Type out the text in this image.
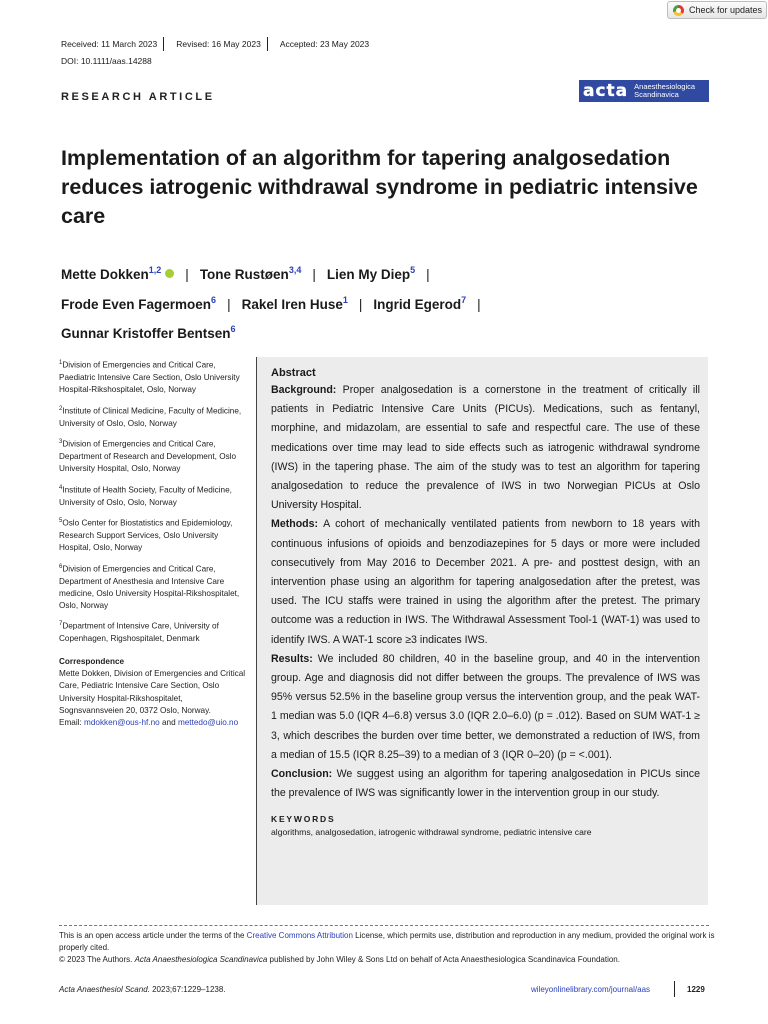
Check for updates
Received: 11 March 2023	Revised: 16 May 2023	Accepted: 23 May 2023
DOI: 10.1111/aas.14288
RESEARCH ARTICLE	acta Anaesthesiologica
Scandinavica
Implementation of an algorithm for tapering analgosedation reduces iatrogenic withdrawal syndrome in pediatric intensive care
Mette Dokken$^{1,2}$ | Tone Rustøen$^{3,4}$ | Lien My Diep$^5$ |
Frode Even Fagermoen$^6$ | Rakel Iren Huse$^1$ | Ingrid Egerod$^7$ |
Gunnar Kristoffer Bentsen$^6$

$^1$Division of Emergencies and Critical Care, Paediatric Intensive Care Section, Oslo University Hospital-Rikshospitalet, Oslo, Norway

$^2$Institute of Clinical Medicine, Faculty of Medicine, University of Oslo, Oslo, Norway

$^3$Division of Emergencies and Critical Care, Department of Research and Development, Oslo University Hospital, Oslo, Norway

$^4$Institute of Health Society, Faculty of Medicine, University of Oslo, Oslo, Norway

$^5$Oslo Center for Biostatistics and Epidemiology, Research Support Services, Oslo University Hospital, Oslo, Norway

$^6$Division of Emergencies and Critical Care, Department of Anesthesia and Intensive Care medicine, Oslo University Hospital-Rikshospitalet, Oslo, Norway

$^7$Department of Intensive Care, University of Copenhagen, Rigshospitalet, Denmark

Correspondence

Mette Dokken, Division of Emergencies and Critical Care, Pediatric Intensive Care Section, Oslo University Hospital-Rikshospitalet, Sognsvannsveien 20, 0372 Oslo, Norway.
Email: mdokken@ous-hf.no and mettedo@uio.no

Abstract

Background: Proper analgosedation is a cornerstone in the treatment of critically ill patients in Pediatric Intensive Care Units (PICUs). Medications, such as fentanyl, morphine, and midazolam, are essential to safe and respectful care. The use of these medications over time may lead to side effects such as iatrogenic withdrawal syndrome (IWS) in the tapering phase. The aim of the study was to test an algorithm for tapering analgosedation to reduce the prevalence of IWS in two Norwegian PICUs at Oslo University Hospital.

Methods: A cohort of mechanically ventilated patients from newborn to 18 years with continuous infusions of opioids and benzodiazepines for 5 days or more were included consecutively from May 2016 to December 2021. A pre- and posttest design, with an intervention phase using an algorithm for tapering analgosedation after the pretest, was used. The ICU staffs were trained in using the algorithm after the pretest. The primary outcome was a reduction in IWS. The Withdrawal Assessment Tool-1 (WAT-1) was used to identify IWS. A WAT-1 score ≥3 indicates IWS.

Results: We included 80 children, 40 in the baseline group, and 40 in the intervention group. Age and diagnosis did not differ between the groups. The prevalence of IWS was 95% versus 52.5% in the baseline group versus the intervention group, and the peak WAT-1 median was 5.0 (IQR 4–6.8) versus 3.0 (IQR 2.0–6.0) (p = .012). Based on SUM WAT-1 ≥ 3, which describes the burden over time better, we demonstrated a reduction of IWS, from a median of 15.5 (IQR 8.25–39) to a median of 3 (IQR 0–20) (p = <.001).

Conclusion: We suggest using an algorithm for tapering analgosedation in PICUs since the prevalence of IWS was significantly lower in the intervention group in our study.

KEYWORDS
algorithms, analgosedation, iatrogenic withdrawal syndrome, pediatric intensive care

This is an open access article under the terms of the Creative Commons Attribution License, which permits use, distribution and reproduction in any medium, provided the original work is properly cited.

© 2023 The Authors. Acta Anaesthesiologica Scandinavica published by John Wiley & Sons Ltd on behalf of Acta Anaesthesiologica Scandinavica Foundation.

Acta Anaesthesiol Scand. 2023;67:1229–1238.	wileyonlinelibrary.com/journal/aas	1229
